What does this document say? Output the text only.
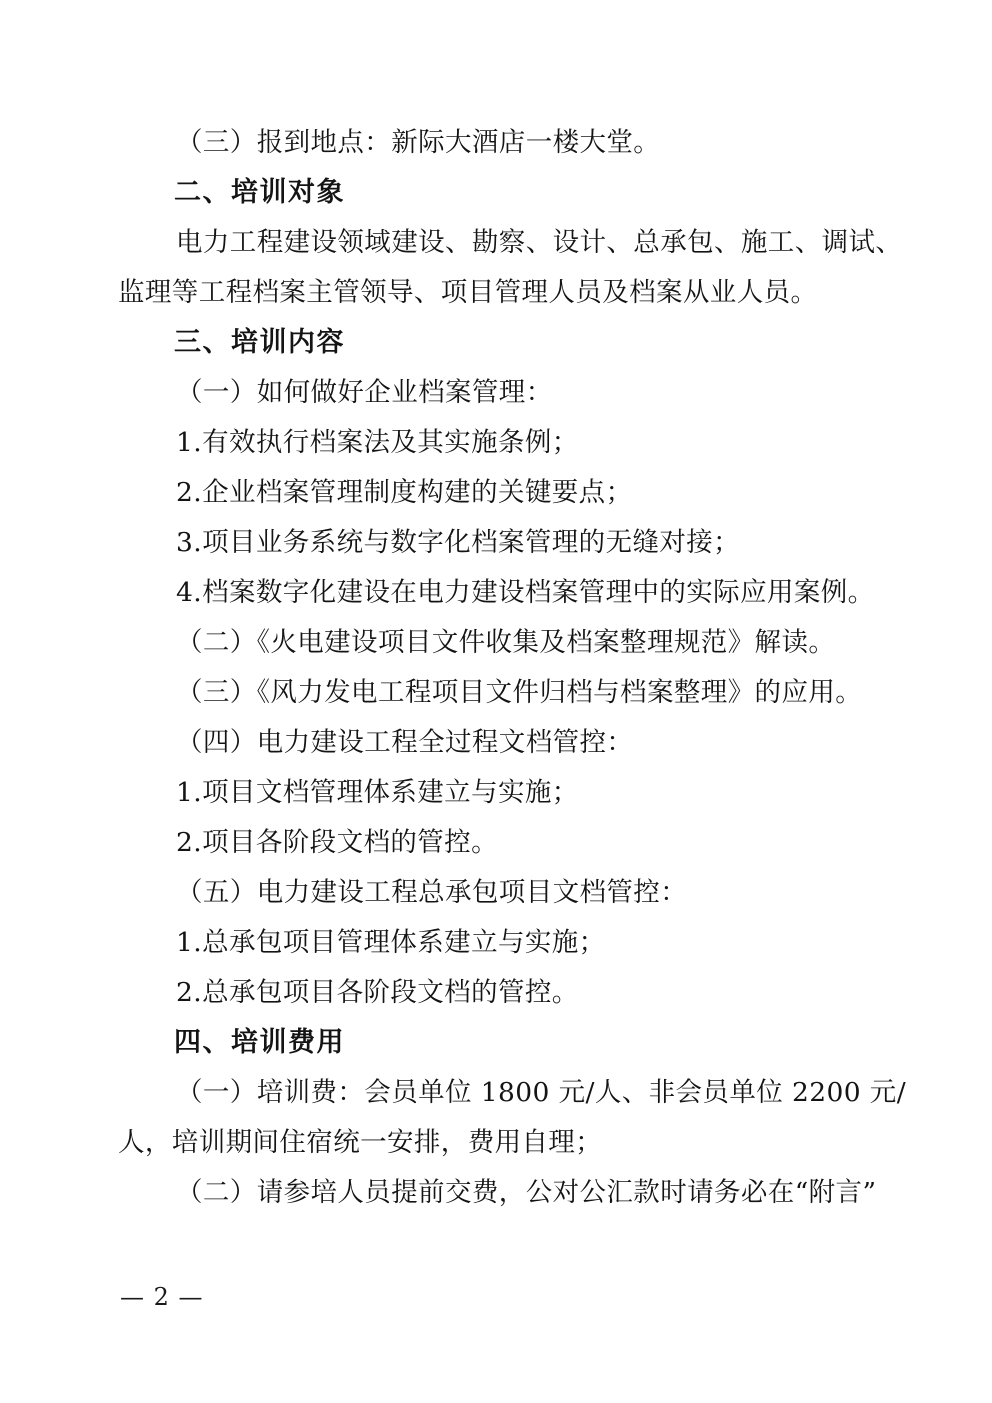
（三）报到地点：新际大酒店一楼大堂。
二、培训对象
电力工程建设领域建设、勘察、设计、总承包、施工、调试、
监理等工程档案主管领导、项目管理人员及档案从业人员。
三、培训内容
（一）如何做好企业档案管理：
1.有效执行档案法及其实施条例；
2.企业档案管理制度构建的关键要点；
3.项目业务系统与数字化档案管理的无缝对接；
4.档案数字化建设在电力建设档案管理中的实际应用案例。
（二）《火电建设项目文件收集及档案整理规范》解读。
（三）《风力发电工程项目文件归档与档案整理》的应用。
（四）电力建设工程全过程文档管控：
1.项目文档管理体系建立与实施；
2.项目各阶段文档的管控。
（五）电力建设工程总承包项目文档管控：
1.总承包项目管理体系建立与实施；
2.总承包项目各阶段文档的管控。
四、培训费用
（一）培训费：会员单位 1800 元/人、非会员单位 2200 元/
人，培训期间住宿统一安排，费用自理；
（二）请参培人员提前交费，公对公汇款时请务必在“附言”
— 2 —
